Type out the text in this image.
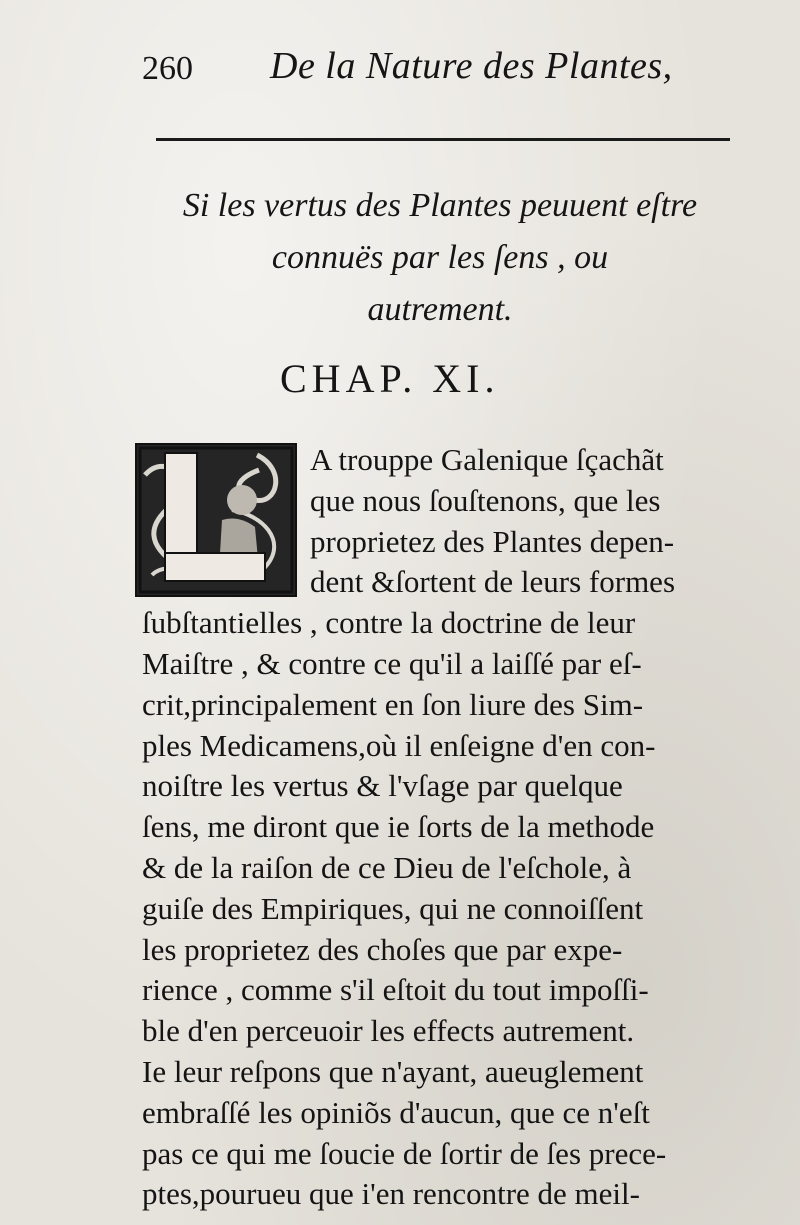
260 De la Nature des Plantes,
Si les vertus des Plantes peuuent eſtre
connuës par les ſens , ou
autrement.
CHAP. XI.
A trouppe Galenique ſçachãt
que nous ſouſtenons, que les
proprietez des Plantes depen-
dent &ſortent de leurs formes
ſubſtantielles , contre la doctrine de leur
Maiſtre , & contre ce qu'il a laiſſé par eſ-
crit,principalement en ſon liure des Sim-
ples Medicamens,où il enſeigne d'en con-
noiſtre les vertus & l'vſage par quelque
ſens, me diront que ie ſorts de la methode
& de la raiſon de ce Dieu de l'eſchole, à
guiſe des Empiriques, qui ne connoiſſent
les proprietez des choſes que par expe-
rience , comme s'il eſtoit du tout impoſſi-
ble d'en perceuoir les effects autrement.
Ie leur reſpons que n'ayant, aueuglement
embraſſé les opiniõs d'aucun, que ce n'eſt
pas ce qui me ſoucie de ſortir de ſes prece-
ptes,pourueu que i'en rencontre de meil-
